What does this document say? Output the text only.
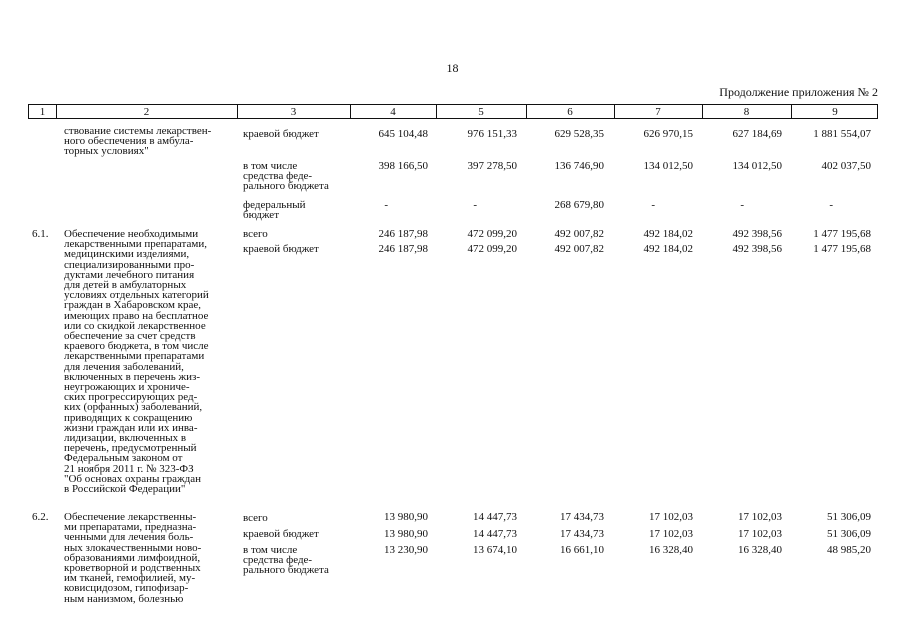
18
Продолжение приложения № 2
1	2	3	4	5	6	7	8	9
ствование системы лекарствен-
ного обеспечения в амбула-
торных условиях"
краевой бюджет	645 104,48	976 151,33	629 528,35	626 970,15	627 184,69	1 881 554,07
в том числе
средства феде-
рального бюджета
398 166,50	397 278,50	136 746,90	134 012,50	134 012,50	402 037,50
федеральный
бюджет
-	-	268 679,80	-	-	-
6.1. Обеспечение необходимыми
лекарственными препаратами,
медицинскими изделиями,
специализированными про-
дуктами лечебного питания
для детей в амбулаторных
условиях отдельных категорий
граждан в Хабаровском крае,
имеющих право на бесплатное
или со скидкой лекарственное
обеспечение за счет средств
краевого бюджета, в том числе
лекарственными препаратами
для лечения заболеваний,
включенных в перечень жиз-
неугрожающих и хрониче-
ских прогрессирующих ред-
ких (орфанных) заболеваний,
приводящих к сокращению
жизни граждан или их инва-
лидизации, включенных в
перечень, предусмотренный
Федеральным законом от
21 ноября 2011 г. № 323-ФЗ
"Об основах охраны граждан
в Российской Федерации"
всего	246 187,98	472 099,20	492 007,82	492 184,02	492 398,56	1 477 195,68
краевой бюджет	246 187,98	472 099,20	492 007,82	492 184,02	492 398,56	1 477 195,68
6.2. Обеспечение лекарственны-
ми препаратами, предназна-
ченными для лечения боль-
ных злокачественными ново-
образованиями лимфоидной,
кроветворной и родственных
им тканей, гемофилией, му-
ковисцидозом, гипофизар-
ным нанизмом, болезнью
всего	13 980,90	14 447,73	17 434,73	17 102,03	17 102,03	51 306,09
краевой бюджет	13 980,90	14 447,73	17 434,73	17 102,03	17 102,03	51 306,09
в том числе
средства феде-
рального бюджета
13 230,90	13 674,10	16 661,10	16 328,40	16 328,40	48 985,20
